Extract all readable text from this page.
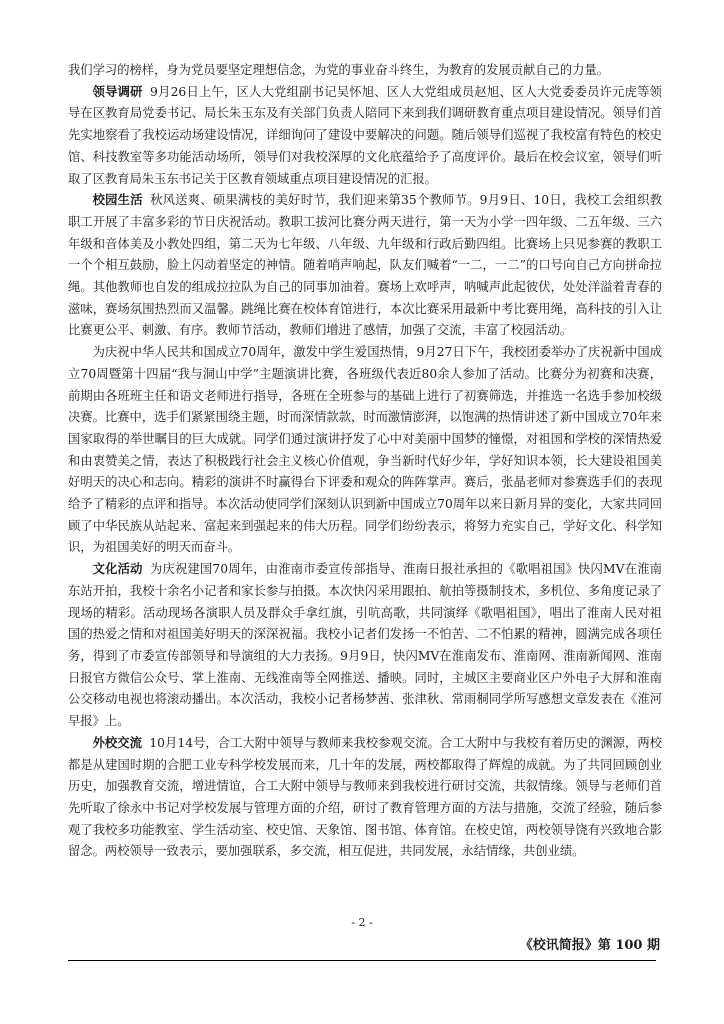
我们学习的榜样，身为党员要坚定理想信念，为党的事业奋斗终生，为教育的发展贡献自己的力量。

领导调研 9月26日上午，区人大党组副书记吴怀旭、区人大党组成员赵旭、区人大党委委员许元虎等领导在区教育局党委书记、局长朱玉东及有关部门负责人陪同下来到我们调研教育重点项目建设情况。领导们首先实地察看了我校运动场建设情况，详细询问了建设中要解决的问题。随后领导们巡视了我校富有特色的校史馆、科技教室等多功能活动场所，领导们对我校深厚的文化底蕴给予了高度评价。最后在校会议室，领导们听取了区教育局朱玉东书记关于区教育领域重点项目建设情况的汇报。

校园生活 秋风送爽、硕果满枝的美好时节，我们迎来第35个教师节。9月9日、10日，我校工会组织教职工开展了丰富多彩的节日庆祝活动。教职工拔河比赛分两天进行，第一天为小学一四年级、二五年级、三六年级和音体美及小教处四组，第二天为七年级、八年级、九年级和行政后勤四组。比赛场上只见参赛的教职工一个个相互鼓励，脸上闪动着坚定的神情。随着哨声响起，队友们喊着“一二，一二”的口号向自己方向拼命拉绳。其他教师也自发的组成拉拉队为自己的同事加油着。赛场上欢呼声，呐喊声此起彼伏，处处洋溢着青春的滋味，赛场氛围热烈而又温馨。跳绳比赛在校体育馆进行，本次比赛采用最新中考比赛用绳，高科技的引入让比赛更公平、刺激、有序。教师节活动，教师们增进了感情，加强了交流，丰富了校园活动。

为庆祝中华人民共和国成立70周年，激发中学生爱国热情，9月27日下午，我校团委举办了庆祝新中国成立70周暨第十四届“我与洞山中学”主题演讲比赛，各班级代表近80余人参加了活动。比赛分为初赛和决赛，前期由各班班主任和语文老师进行指导，各班在全班参与的基础上进行了初赛筛选，并推选一名选手参加校级决赛。比赛中，选手们紧紧围绕主题，时而深情款款，时而激情澎湃，以饱满的热情讲述了新中国成立70年来国家取得的举世瞩目的巨大成就。同学们通过演讲抒发了心中对美丽中国梦的憧憬，对祖国和学校的深情热爱和由衷赞美之情，表达了积极践行社会主义核心价值观，争当新时代好少年，学好知识本领，长大建设祖国美好明天的决心和志向。精彩的演讲不时赢得台下评委和观众的阵阵掌声。赛后，张晶老师对参赛选手们的表现给予了精彩的点评和指导。本次活动使同学们深刻认识到新中国成立70周年以来日新月异的变化，大家共同回顾了中华民族从站起来、富起来到强起来的伟大历程。同学们纷纷表示，将努力充实自己，学好文化、科学知识，为祖国美好的明天而奋斗。

文化活动 为庆祝建国70周年，由淮南市委宣传部指导、淮南日报社承担的《歌唱祖国》快闪MV在淮南东站开拍，我校十余名小记者和家长参与拍摄。本次快闪采用跟拍、航拍等摄制技术，多机位、多角度记录了现场的精彩。活动现场各演职人员及群众手拿红旗，引吭高歌，共同演绎《歌唱祖国》，唱出了淮南人民对祖国的热爱之情和对祖国美好明天的深深祝福。我校小记者们发扬一不怕苦、二不怕累的精神，圆满完成各项任务，得到了市委宣传部领导和导演组的大力表扬。9月9日，快闪MV在淮南发布、淮南网、淮南新闻网、淮南日报官方微信公众号、掌上淮南、无线淮南等全网推送、播映。同时，主城区主要商业区户外电子大屏和淮南公交移动电视也将滚动播出。本次活动，我校小记者杨梦茜、张津秋、常雨桐同学所写感想文章发表在《淮河早报》上。

外校交流 10月14号，合工大附中领导与教师来我校参观交流。合工大附中与我校有着历史的渊源，两校都是从建国时期的合肥工业专科学校发展而来，几十年的发展，两校都取得了辉煌的成就。为了共同回顾创业历史，加强教育交流，增进情谊，合工大附中领导与教师来到我校进行研讨交流，共叙情缘。领导与老师们首先听取了徐永中书记对学校发展与管理方面的介绍，研讨了教育管理方面的方法与措施，交流了经验，随后参观了我校多功能教室、学生活动室、校史馆、天象馆、图书馆、体育馆。在校史馆，两校领导饶有兴致地合影留念。两校领导一致表示，要加强联系，多交流，相互促进，共同发展，永结情缘，共创业绩。

- 2 -
《校讯简报》第 100 期
